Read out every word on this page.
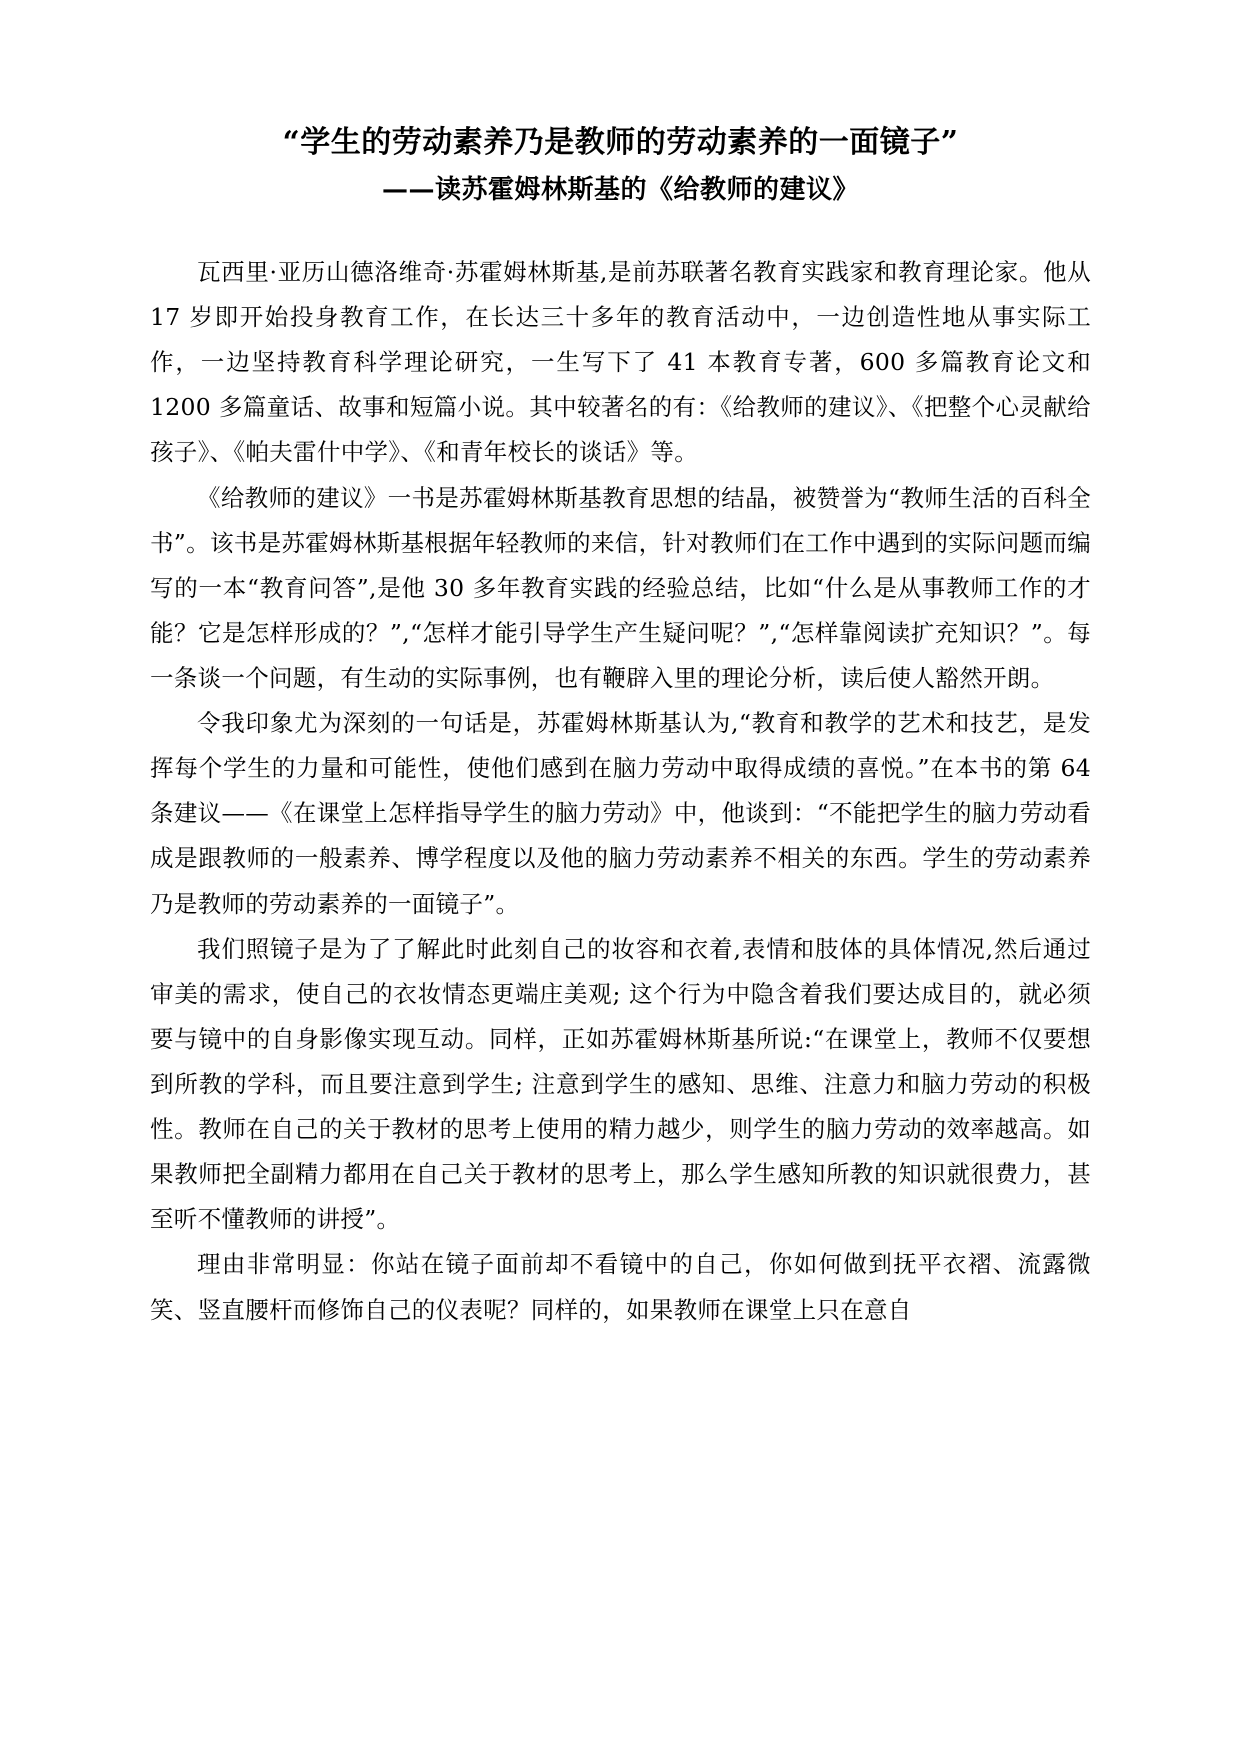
“学生的劳动素养乃是教师的劳动素养的一面镜子”
——读苏霍姆林斯基的《给教师的建议》

瓦西里·亚历山德洛维奇·苏霍姆林斯基,是前苏联著名教育实践家和教育理论家。他从 17 岁即开始投身教育工作，在长达三十多年的教育活动中，一边创造性地从事实际工作，一边坚持教育科学理论研究，一生写下了 41 本教育专著，600 多篇教育论文和 1200 多篇童话、故事和短篇小说。其中较著名的有：《给教师的建议》、《把整个心灵献给孩子》、《帕夫雷什中学》、《和青年校长的谈话》等。

《给教师的建议》一书是苏霍姆林斯基教育思想的结晶，被赞誉为“教师生活的百科全书”。该书是苏霍姆林斯基根据年轻教师的来信，针对教师们在工作中遇到的实际问题而编写的一本“教育问答”,是他 30 多年教育实践的经验总结，比如“什么是从事教师工作的才能？它是怎样形成的？”,“怎样才能引导学生产生疑问呢？”,“怎样靠阅读扩充知识？”。每一条谈一个问题，有生动的实际事例，也有鞭辟入里的理论分析，读后使人豁然开朗。

令我印象尤为深刻的一句话是，苏霍姆林斯基认为,“教育和教学的艺术和技艺，是发挥每个学生的力量和可能性，使他们感到在脑力劳动中取得成绩的喜悦。”在本书的第 64 条建议——《在课堂上怎样指导学生的脑力劳动》中，他谈到：“不能把学生的脑力劳动看成是跟教师的一般素养、博学程度以及他的脑力劳动素养不相关的东西。学生的劳动素养乃是教师的劳动素养的一面镜子”。

我们照镜子是为了了解此时此刻自己的妆容和衣着,表情和肢体的具体情况,然后通过审美的需求，使自己的衣妆情态更端庄美观; 这个行为中隐含着我们要达成目的，就必须要与镜中的自身影像实现互动。同样，正如苏霍姆林斯基所说:“在课堂上，教师不仅要想到所教的学科，而且要注意到学生; 注意到学生的感知、思维、注意力和脑力劳动的积极性。教师在自己的关于教材的思考上使用的精力越少，则学生的脑力劳动的效率越高。如果教师把全副精力都用在自己关于教材的思考上，那么学生感知所教的知识就很费力，甚至听不懂教师的讲授”。

理由非常明显：你站在镜子面前却不看镜中的自己，你如何做到抚平衣褶、流露微笑、竖直腰杆而修饰自己的仪表呢？同样的，如果教师在课堂上只在意自
